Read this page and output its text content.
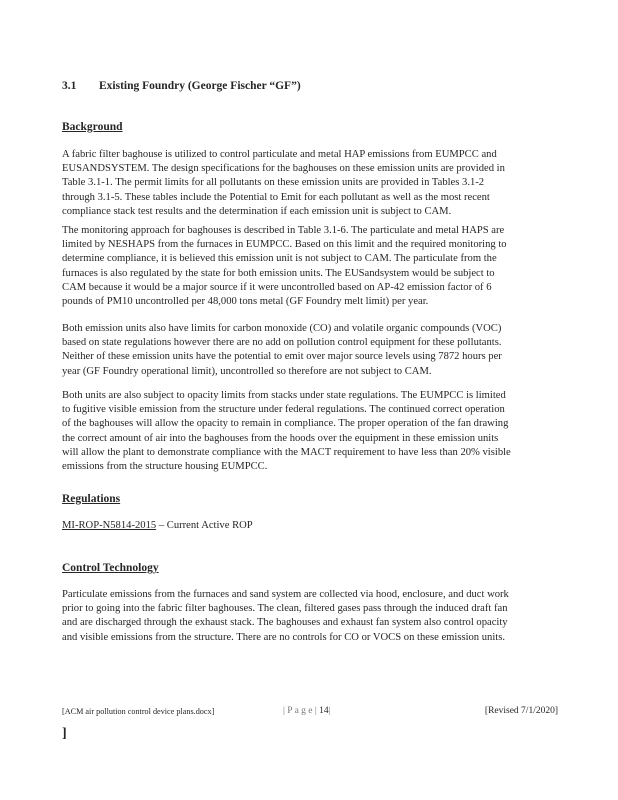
3.1 Existing Foundry (George Fischer “GF”)
Background
A fabric filter baghouse is utilized to control particulate and metal HAP emissions from EUMPCC and
EUSANDSYSTEM. The design specifications for the baghouses on these emission units are provided in
Table 3.1-1. The permit limits for all pollutants on these emission units are provided in Tables 3.1-2
through 3.1-5. These tables include the Potential to Emit for each pollutant as well as the most recent
compliance stack test results and the determination if each emission unit is subject to CAM.
The monitoring approach for baghouses is described in Table 3.1-6. The particulate and metal HAPS are
limited by NESHAPS from the furnaces in EUMPCC. Based on this limit and the required monitoring to
determine compliance, it is believed this emission unit is not subject to CAM. The particulate from the
furnaces is also regulated by the state for both emission units. The EUSandsystem would be subject to
CAM because it would be a major source if it were uncontrolled based on AP-42 emission factor of 6
pounds of PM10 uncontrolled per 48,000 tons metal (GF Foundry melt limit) per year.
Both emission units also have limits for carbon monoxide (CO) and volatile organic compounds (VOC)
based on state regulations however there are no add on pollution control equipment for these pollutants.
Neither of these emission units have the potential to emit over major source levels using 7872 hours per
year (GF Foundry operational limit), uncontrolled so therefore are not subject to CAM.
Both units are also subject to opacity limits from stacks under state regulations. The EUMPCC is limited
to fugitive visible emission from the structure under federal regulations. The continued correct operation
of the baghouses will allow the opacity to remain in compliance. The proper operation of the fan drawing
the correct amount of air into the baghouses from the hoods over the equipment in these emission units
will allow the plant to demonstrate compliance with the MACT requirement to have less than 20% visible
emissions from the structure housing EUMPCC.
Regulations
MI-ROP-N5814-2015 – Current Active ROP
Control Technology
Particulate emissions from the furnaces and sand system are collected via hood, enclosure, and duct work
prior to going into the fabric filter baghouses. The clean, filtered gases pass through the induced draft fan
and are discharged through the exhaust stack. The baghouses and exhaust fan system also control opacity
and visible emissions from the structure. There are no controls for CO or VOCS on these emission units.
[ACM air pollution control device plans.docx]	| P a g e | 14|	[Revised 7/1/2020]
]
